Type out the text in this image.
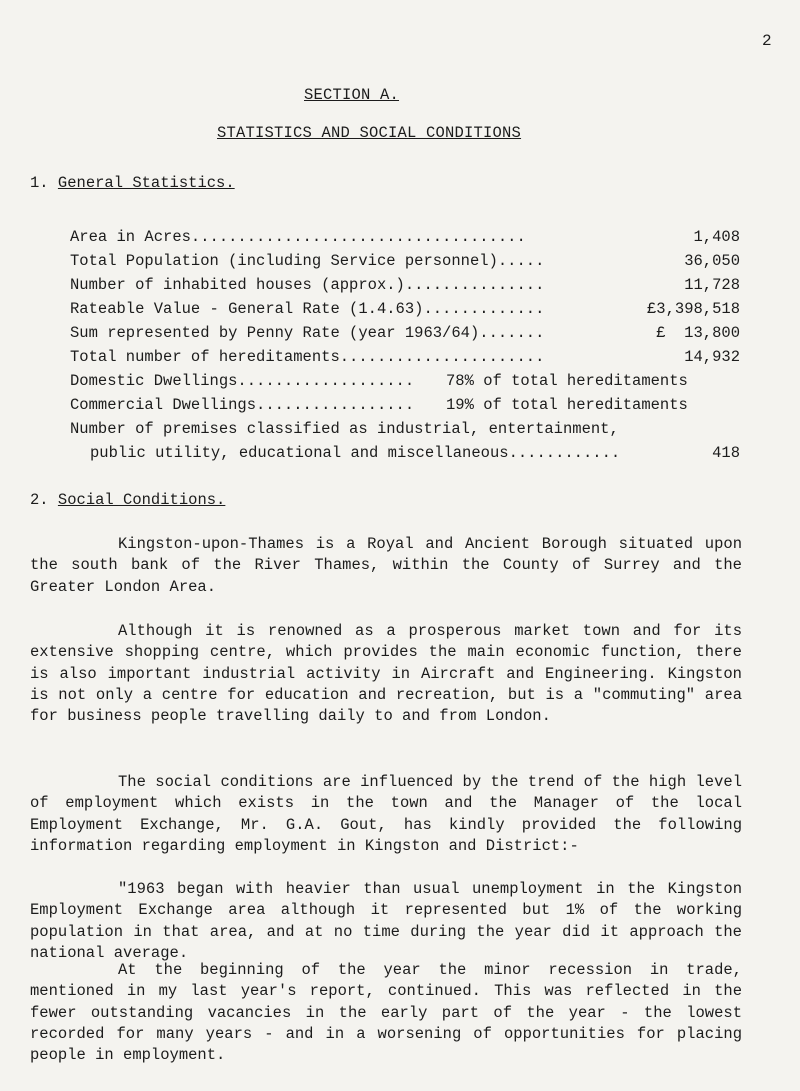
2
SECTION A.
STATISTICS AND SOCIAL CONDITIONS
1. General Statistics.
Area in Acres....................................	1,408
Total Population (including Service personnel).....	36,050
Number of inhabited houses (approx.)...............	11,728
Rateable Value - General Rate (1.4.63).............	£3,398,518
Sum represented by Penny Rate (year 1963/64).......	£  13,800
Total number of hereditaments......................	14,932
Domestic Dwellings................... 78% of total hereditaments
Commercial Dwellings................. 19% of total hereditaments
Number of premises classified as industrial, entertainment,
public utility, educational and miscellaneous............	418
2. Social Conditions.

Kingston-upon-Thames is a Royal and Ancient Borough situated upon the south bank of the River Thames, within the County of Surrey and the Greater London Area.

Although it is renowned as a prosperous market town and for its extensive shopping centre, which provides the main economic function, there is also important industrial activity in Aircraft and Engineering. Kingston is not only a centre for education and recreation, but is a "commuting" area for business people travelling daily to and from London.

The social conditions are influenced by the trend of the high level of employment which exists in the town and the Manager of the local Employment Exchange, Mr. G.A. Gout, has kindly provided the following information regarding employment in Kingston and District:-

"1963 began with heavier than usual unemployment in the Kingston Employment Exchange area although it represented but 1% of the working population in that area, and at no time during the year did it approach the national average.

At the beginning of the year the minor recession in trade, mentioned in my last year's report, continued. This was reflected in the fewer outstanding vacancies in the early part of the year - the lowest recorded for many years - and in a worsening of opportunities for placing people in employment.
